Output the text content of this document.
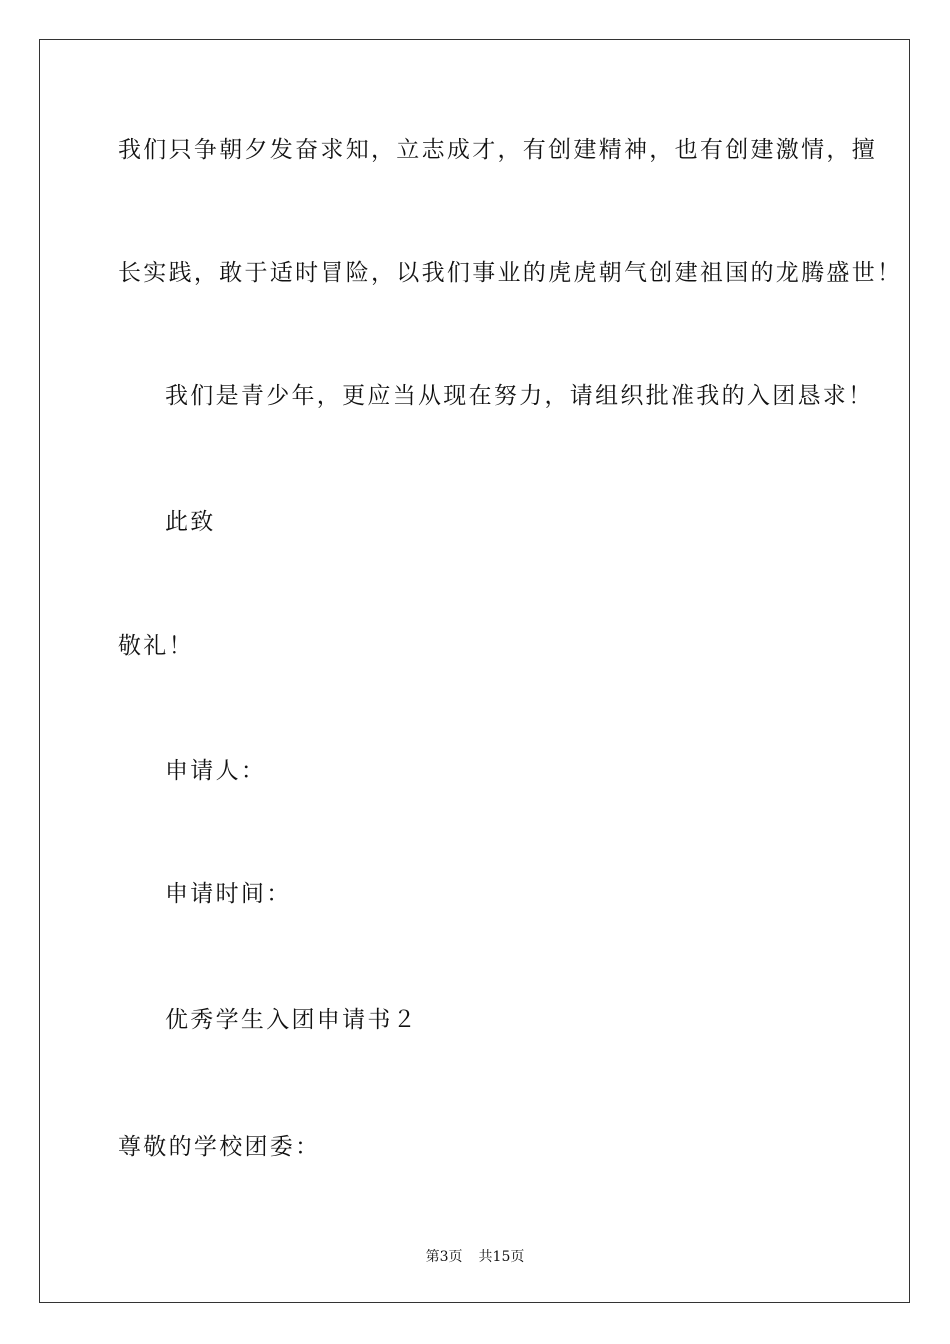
我们只争朝夕发奋求知，立志成才，有创建精神，也有创建激情，擅
长实践，敢于适时冒险，以我们事业的虎虎朝气创建祖国的龙腾盛世！
我们是青少年，更应当从现在努力，请组织批准我的入团恳求！
此致
敬礼！
申请人：
申请时间：
优秀学生入团申请书２
尊敬的学校团委：
第3页 共15页
